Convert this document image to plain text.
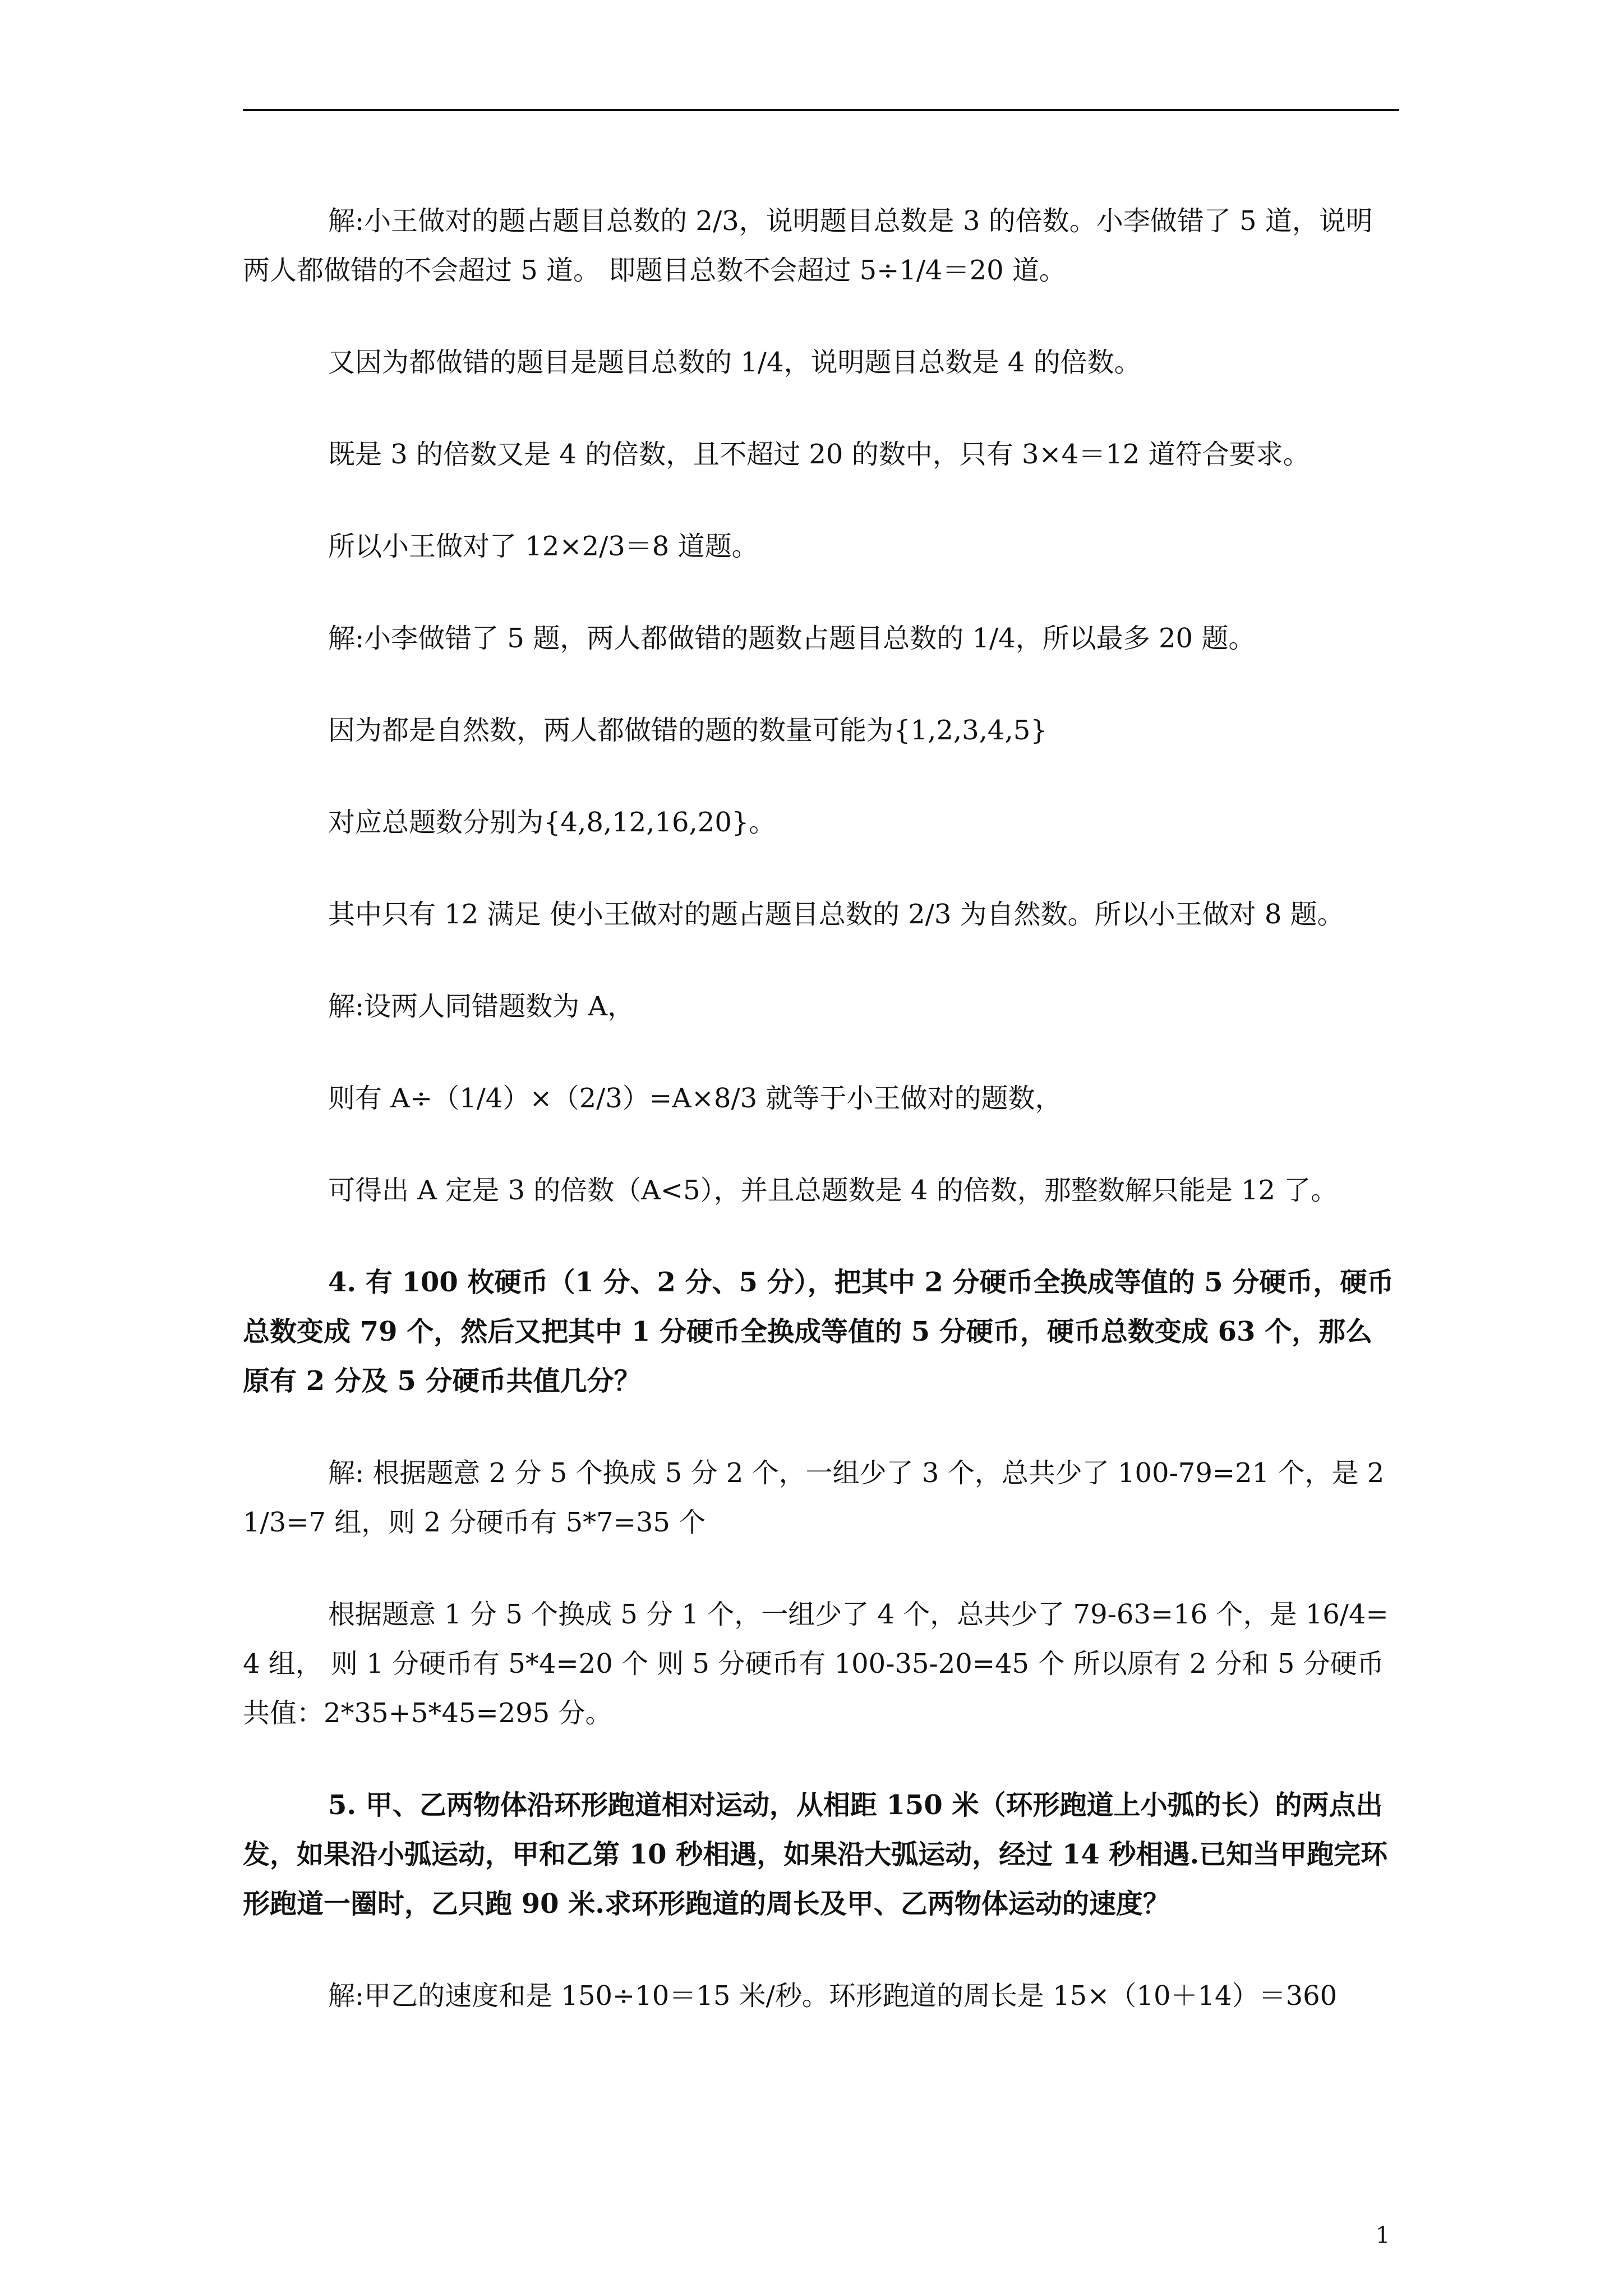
解:小王做对的题占题目总数的 2/3，说明题目总数是 3 的倍数。小李做错了 5 道，说明两人都做错的不会超过 5 道。 即题目总数不会超过 5÷1/4＝20 道。

又因为都做错的题目是题目总数的 1/4，说明题目总数是 4 的倍数。

既是 3 的倍数又是 4 的倍数，且不超过 20 的数中，只有 3×4＝12 道符合要求。

所以小王做对了 12×2/3＝8 道题。

解:小李做错了 5 题，两人都做错的题数占题目总数的 1/4，所以最多 20 题。

因为都是自然数，两人都做错的题的数量可能为{1,2,3,4,5}

对应总题数分别为{4,8,12,16,20}。

其中只有 12 满足 使小王做对的题占题目总数的 2/3 为自然数。所以小王做对 8 题。

解:设两人同错题数为 A，

则有 A÷（1/4）×（2/3）=A×8/3 就等于小王做对的题数，

可得出 A 定是 3 的倍数（A<5），并且总题数是 4 的倍数，那整数解只能是 12 了。

4. 有 100 枚硬币（1 分、2 分、5 分），把其中 2 分硬币全换成等值的 5 分硬币，硬币总数变成 79 个，然后又把其中 1 分硬币全换成等值的 5 分硬币，硬币总数变成 63 个，那么原有 2 分及 5 分硬币共值几分？

解: 根据题意 2 分 5 个换成 5 分 2 个，一组少了 3 个，总共少了 100-79=21 个，是 21/3=7 组，则 2 分硬币有 5*7=35 个

根据题意 1 分 5 个换成 5 分 1 个，一组少了 4 个，总共少了 79-63=16 个，是 16/4=4 组， 则 1 分硬币有 5*4=20 个 则 5 分硬币有 100-35-20=45 个 所以原有 2 分和 5 分硬币共值：2*35+5*45=295 分。

5. 甲、乙两物体沿环形跑道相对运动，从相距 150 米（环形跑道上小弧的长）的两点出发，如果沿小弧运动，甲和乙第 10 秒相遇，如果沿大弧运动，经过 14 秒相遇.已知当甲跑完环形跑道一圈时，乙只跑 90 米.求环形跑道的周长及甲、乙两物体运动的速度？

解:甲乙的速度和是 150÷10＝15 米/秒。环形跑道的周长是 15×（10＋14）＝360

1
